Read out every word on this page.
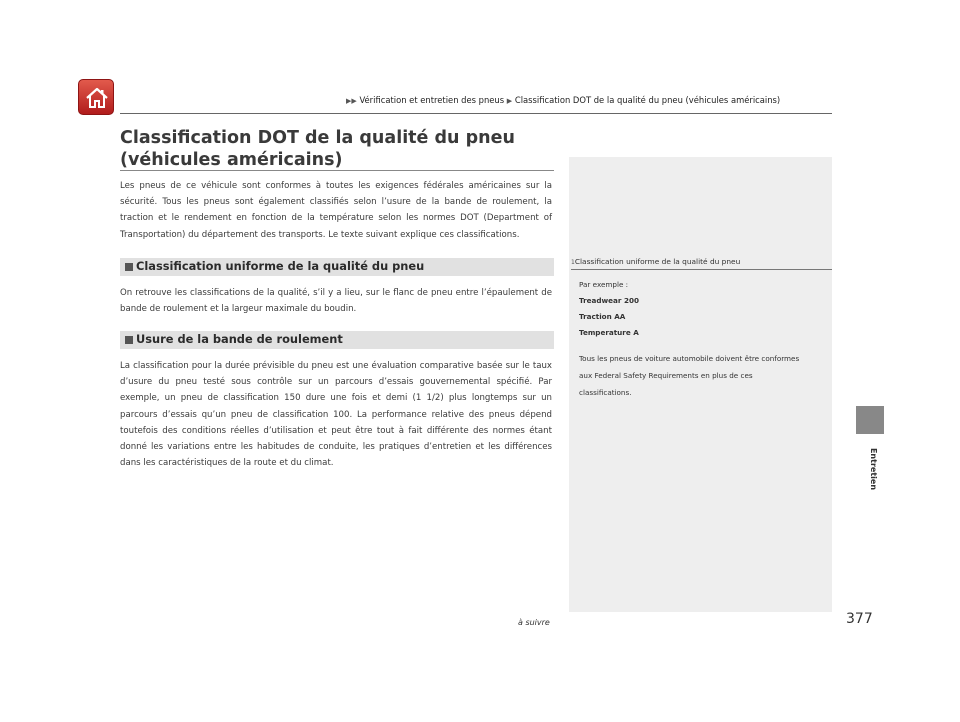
▶▶ Vérification et entretien des pneus ▶ Classification DOT de la qualité du pneu (véhicules américains)
Classification DOT de la qualité du pneu (véhicules américains)

Les pneus de ce véhicule sont conformes à toutes les exigences fédérales américaines sur la sécurité. Tous les pneus sont également classifiés selon l’usure de la bande de roulement, la traction et le rendement en fonction de la température selon les normes DOT (Department of Transportation) du département des transports. Le texte suivant explique ces classifications.

Classification uniforme de la qualité du pneu

On retrouve les classifications de la qualité, s’il y a lieu, sur le flanc de pneu entre l’épaulement de bande de roulement et la largeur maximale du boudin.

Usure de la bande de roulement

La classification pour la durée prévisible du pneu est une évaluation comparative basée sur le taux d’usure du pneu testé sous contrôle sur un parcours d’essais gouvernemental spécifié. Par exemple, un pneu de classification 150 dure une fois et demi (1 1/2) plus longtemps sur un parcours d’essais qu’un pneu de classification 100. La performance relative des pneus dépend toutefois des conditions réelles d’utilisation et peut être tout à fait différente des normes étant donné les variations entre les habitudes de conduite, les pratiques d’entretien et les différences dans les caractéristiques de la route et du climat.

1Classification uniforme de la qualité du pneu
Par exemple :
Treadwear 200
Traction AA
Temperature A
Tous les pneus de voiture automobile doivent être conformes
aux Federal Safety Requirements en plus de ces
classifications.
Entretien
à suivre	377
